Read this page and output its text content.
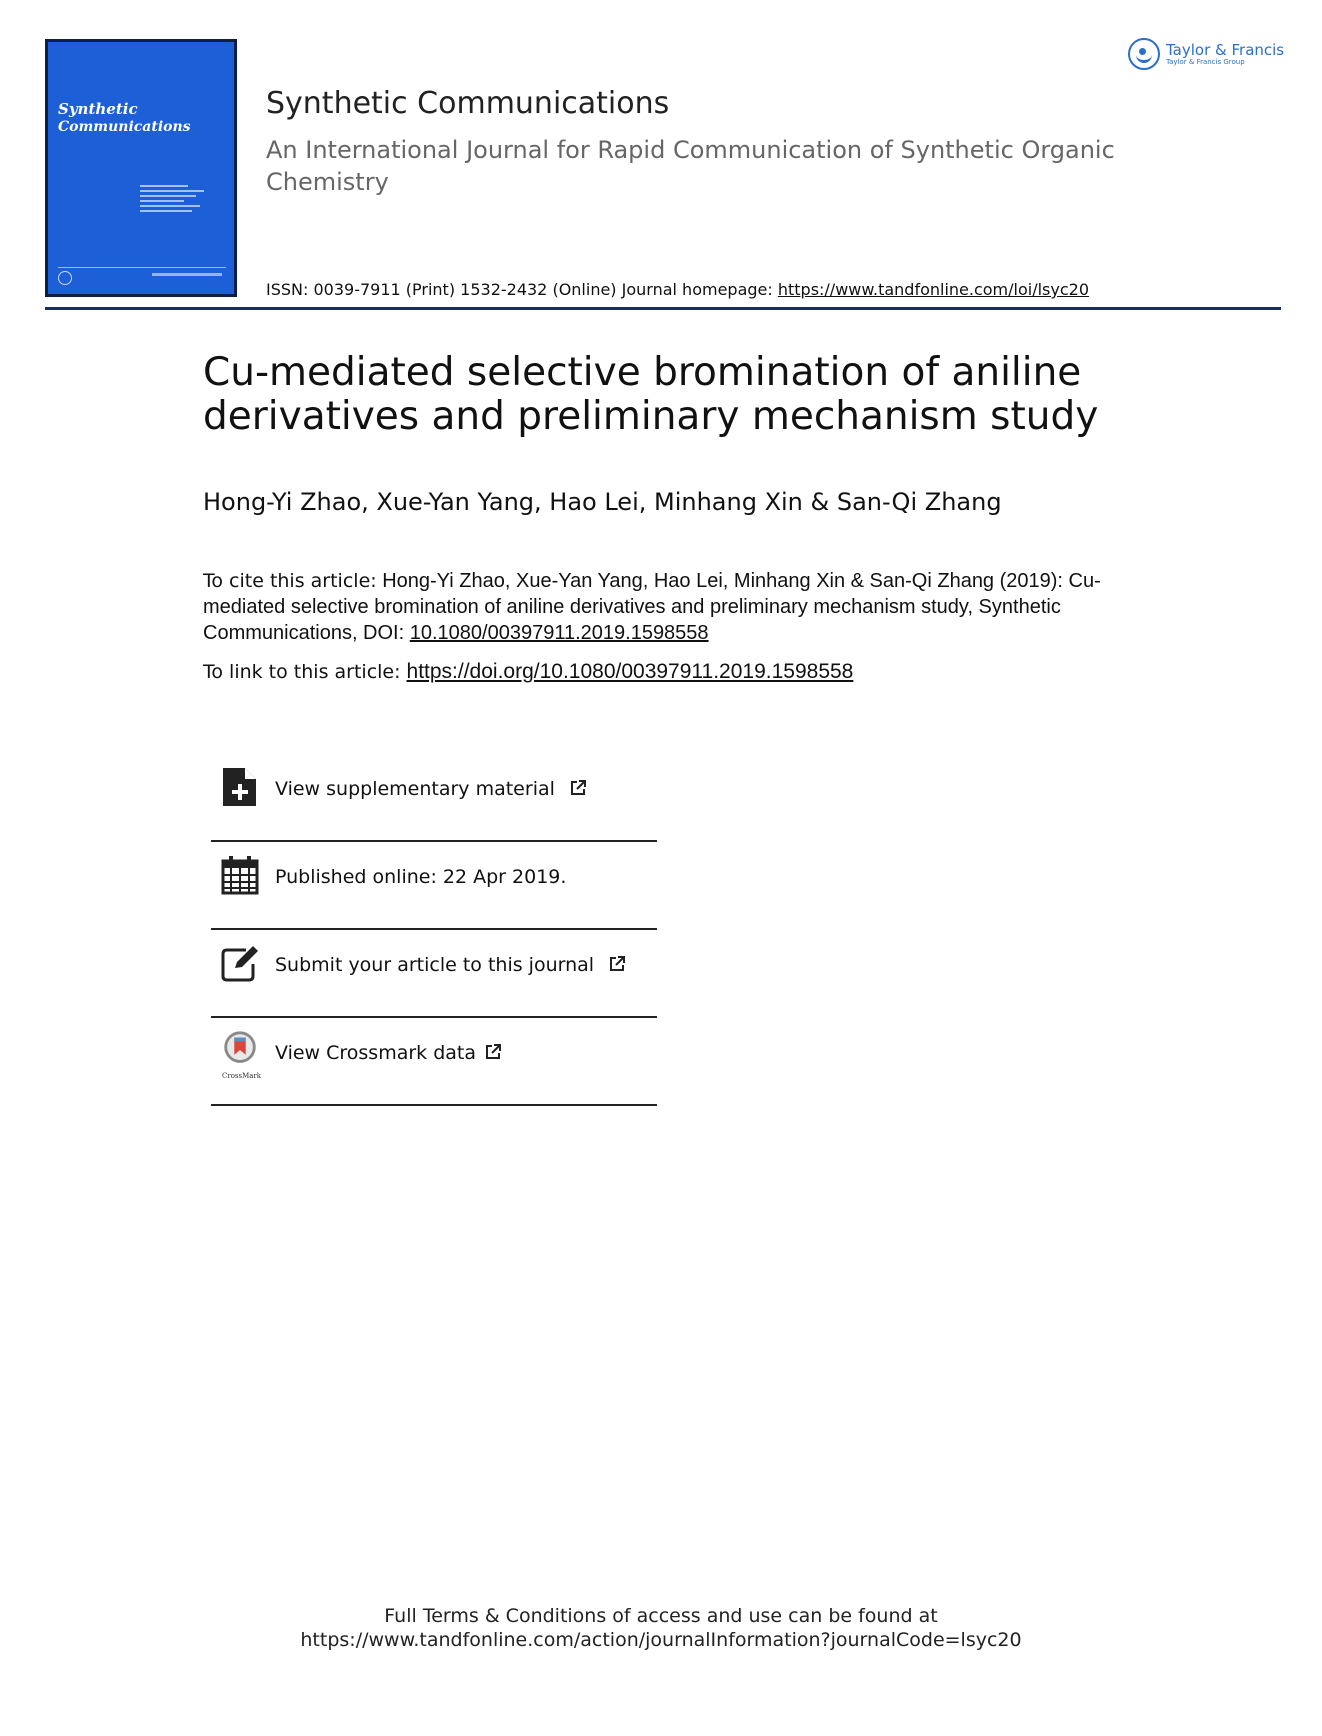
Synthetic
Communications
Synthetic Communications
An International Journal for Rapid Communication of Synthetic Organic Chemistry
ISSN: 0039-7911 (Print) 1532-2432 (Online) Journal homepage: https://www.tandfonline.com/loi/lsyc20
Taylor & Francis
Taylor & Francis Group
Cu-mediated selective bromination of aniline derivatives and preliminary mechanism study
Hong-Yi Zhao, Xue-Yan Yang, Hao Lei, Minhang Xin & San-Qi Zhang
To cite this article: Hong-Yi Zhao, Xue-Yan Yang, Hao Lei, Minhang Xin & San-Qi Zhang (2019): Cu-mediated selective bromination of aniline derivatives and preliminary mechanism study, Synthetic Communications, DOI: 10.1080/00397911.2019.1598558
To link to this article: https://doi.org/10.1080/00397911.2019.1598558
View supplementary material
Published online: 22 Apr 2019.
Submit your article to this journal
CrossMark
View Crossmark data
Full Terms & Conditions of access and use can be found at
https://www.tandfonline.com/action/journalInformation?journalCode=lsyc20
